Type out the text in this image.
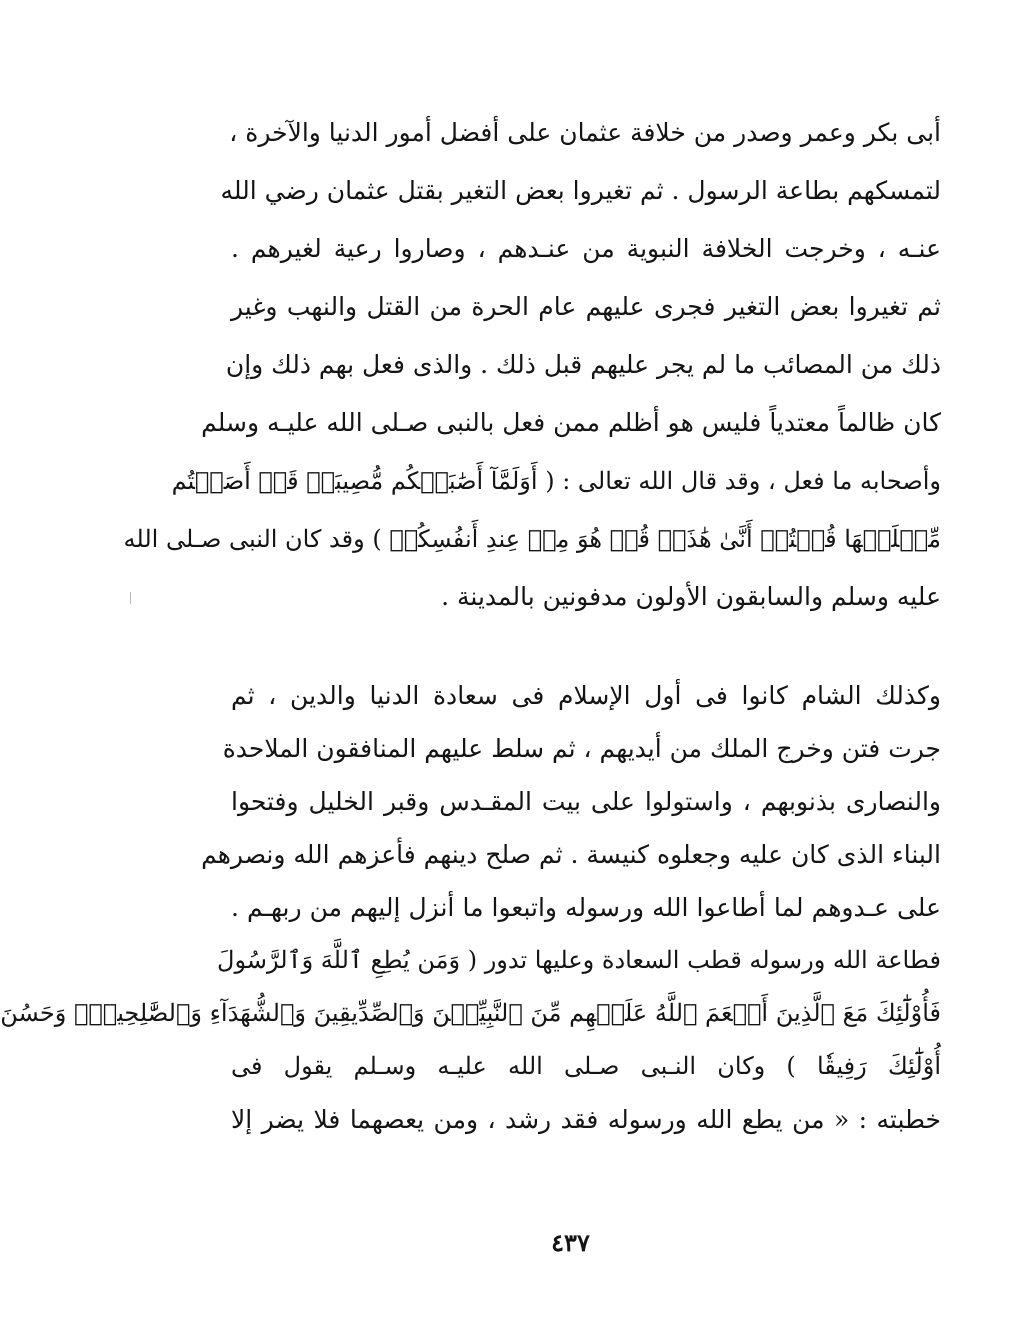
أبى بكر وعمر وصدر من خلافة عثمان على أفضل أمور الدنيا والآخرة ،
لتمسكهم بطاعة الرسول . ثم تغيروا بعض التغير بقتل عثمان رضي الله
عنـه ، وخرجت الخلافة النبوية من عنـدهم ، وصاروا رعية لغيرهم .
ثم تغيروا بعض التغير فجرى عليهم عام الحرة من القتل والنهب وغير
ذلك من المصائب ما لم يجر عليهم قبل ذلك . والذى فعل بهم ذلك وإن
كان ظالماً معتدياً فليس هو أظلم ممن فعل بالنبى صـلى الله عليـه وسلم
وأصحابه ما فعل ، وقد قال الله تعالى : ( أَوَلَمَّآ أَصَٰبَتۡكُم مُّصِيبَةٞ قَدۡ أَصَبۡتُم
مِّثۡلَيۡهَا قُلۡتُمۡ أَنَّىٰ هَٰذَاۖ قُلۡ هُوَ مِنۡ عِندِ أَنفُسِكُمۡ ) وقد كان النبى صـلى الله
عليه وسلم والسابقون الأولون مدفونين بالمدينة .
وكذلك الشام كانوا فى أول الإسلام فى سعادة الدنيا والدين ، ثم
جرت فتن وخرج الملك من أيديهم ، ثم سلط عليهم المنافقون الملاحدة
والنصارى بذنوبهم ، واستولوا على بيت المقـدس وقبر الخليل وفتحوا
البناء الذى كان عليه وجعلوه كنيسة . ثم صلح دينهم فأعزهم الله ونصرهم
على عـدوهم لما أطاعوا الله ورسوله واتبعوا ما أنزل إليهم من ربهـم .
فطاعة الله ورسوله قطب السعادة وعليها تدور ( وَمَن يُطِعِ ٱللَّهَ وَٱلرَّسُولَ
فَأُوْلَٰٓئِكَ مَعَ ٱلَّذِينَ أَنۡعَمَ ٱللَّهُ عَلَيۡهِم مِّنَ ٱلنَّبِيِّـۧنَ وَٱلصِّدِّيقِينَ وَٱلشُّهَدَآءِ وَٱلصَّٰلِحِينَۚ وَحَسُنَ
أُوْلَٰٓئِكَ رَفِيقٗا ) وكان النـبى صـلى الله عليـه وسـلم يقول فى
خطبته : « من يطع الله ورسوله فقد رشد ، ومن يعصهما فلا يضر إلا
٤٣٧
